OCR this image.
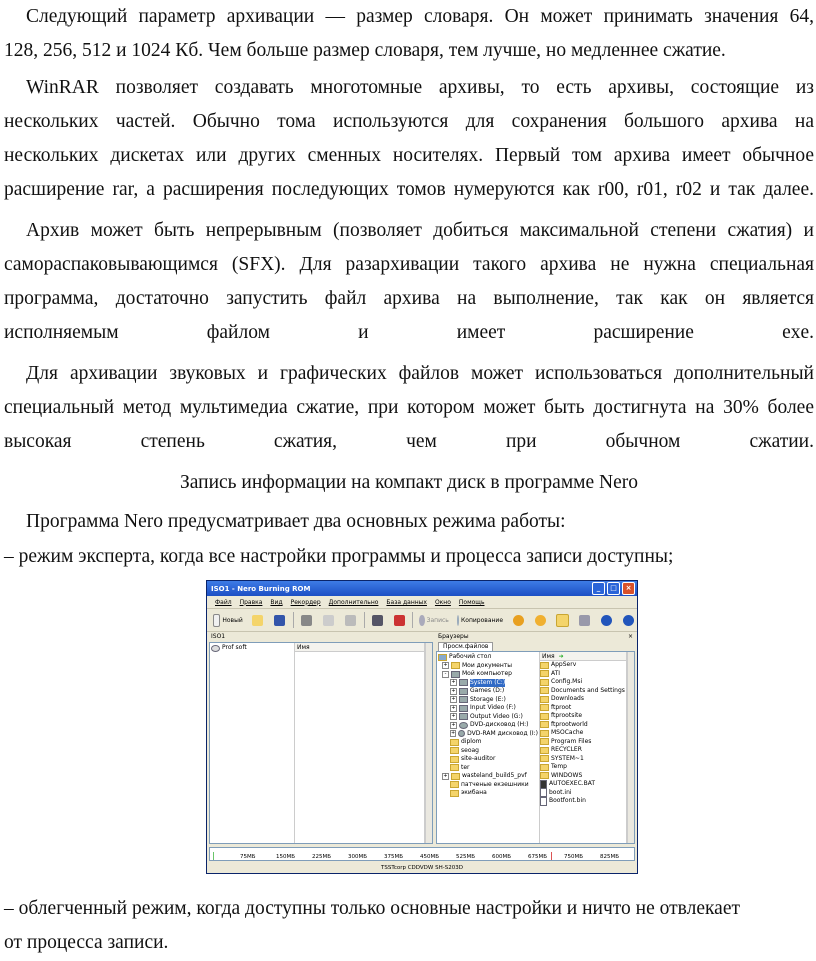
Следующий параметр архивации — размер словаря. Он может принимать значения 64,
128, 256, 512 и 1024 Кб. Чем больше размер словаря, тем лучше, но медленнее сжатие.
WinRAR позволяет создавать многотомные архивы, то есть архивы, состоящие из
нескольких частей. Обычно тома используются для сохранения большого архива на
нескольких дискетах или других сменных носителях. Первый том архива имеет обычное
расширение rar, а расширения последующих томов нумеруются как r00, r01, r02 и так далее.
Архив может быть непрерывным (позволяет добиться максимальной степени сжатия) и
самораспаковывающимся (SFX). Для разархивации такого архива не нужна специальная
программа, достаточно запустить файл архива на выполнение, так как он является
исполняемым файлом и имеет расширение exe.
Для архивации звуковых и графических файлов может использоваться дополнительный
специальный метод мультимедиа сжатие, при котором может быть достигнута на 30% более
высокая степень сжатия, чем при обычном сжатии.
Запись информации на компакт диск в программе Nero
Программа Nero предусматривает два основных режима работы:
– режим эксперта, когда все настройки программы и процесса записи доступны;
ISO1 - Nero Burning ROM	_	□	×
Файл Правка Вид Рекордер Дополнительно База данных Окно Помощь
Новый	Запись Копирование
ISO1
Prof soft	Имя
Браузеры	×
Просм.файлов
Рабочий стол
+ Мои документы
-	Мой компьютер
+ System (C:)
+ Games (D:)
+ Storage (E:)
+ Input Video (F:)
+ Output Video (G:)
+ DVD-дисковод (H:)
+ DVD-RAM дисковод (I:)
diplom
seoag
site-auditor
ter
+ wasteland_build5_pvf
патченые екзешники
экибана
Имя ➜
AppServ
ATI
Config.Msi
Documents and Settings
Downloads
ftproot
ftprootsite
ftprootworld
MSOCache
Program Files
RECYCLER
SYSTEM~1
Temp
WINDOWS
AUTOEXEC.BAT
boot.ini
Bootfont.bin
|	75МБ	150МБ	225МБ	300МБ	375МБ	450МБ	525МБ	600МБ	675МБ	750МБ	825МБ
|
TSSTcorp CDDVDW SH-S203D
– облегченный режим, когда доступны только основные настройки и ничто не отвлекает
от процесса записи.
